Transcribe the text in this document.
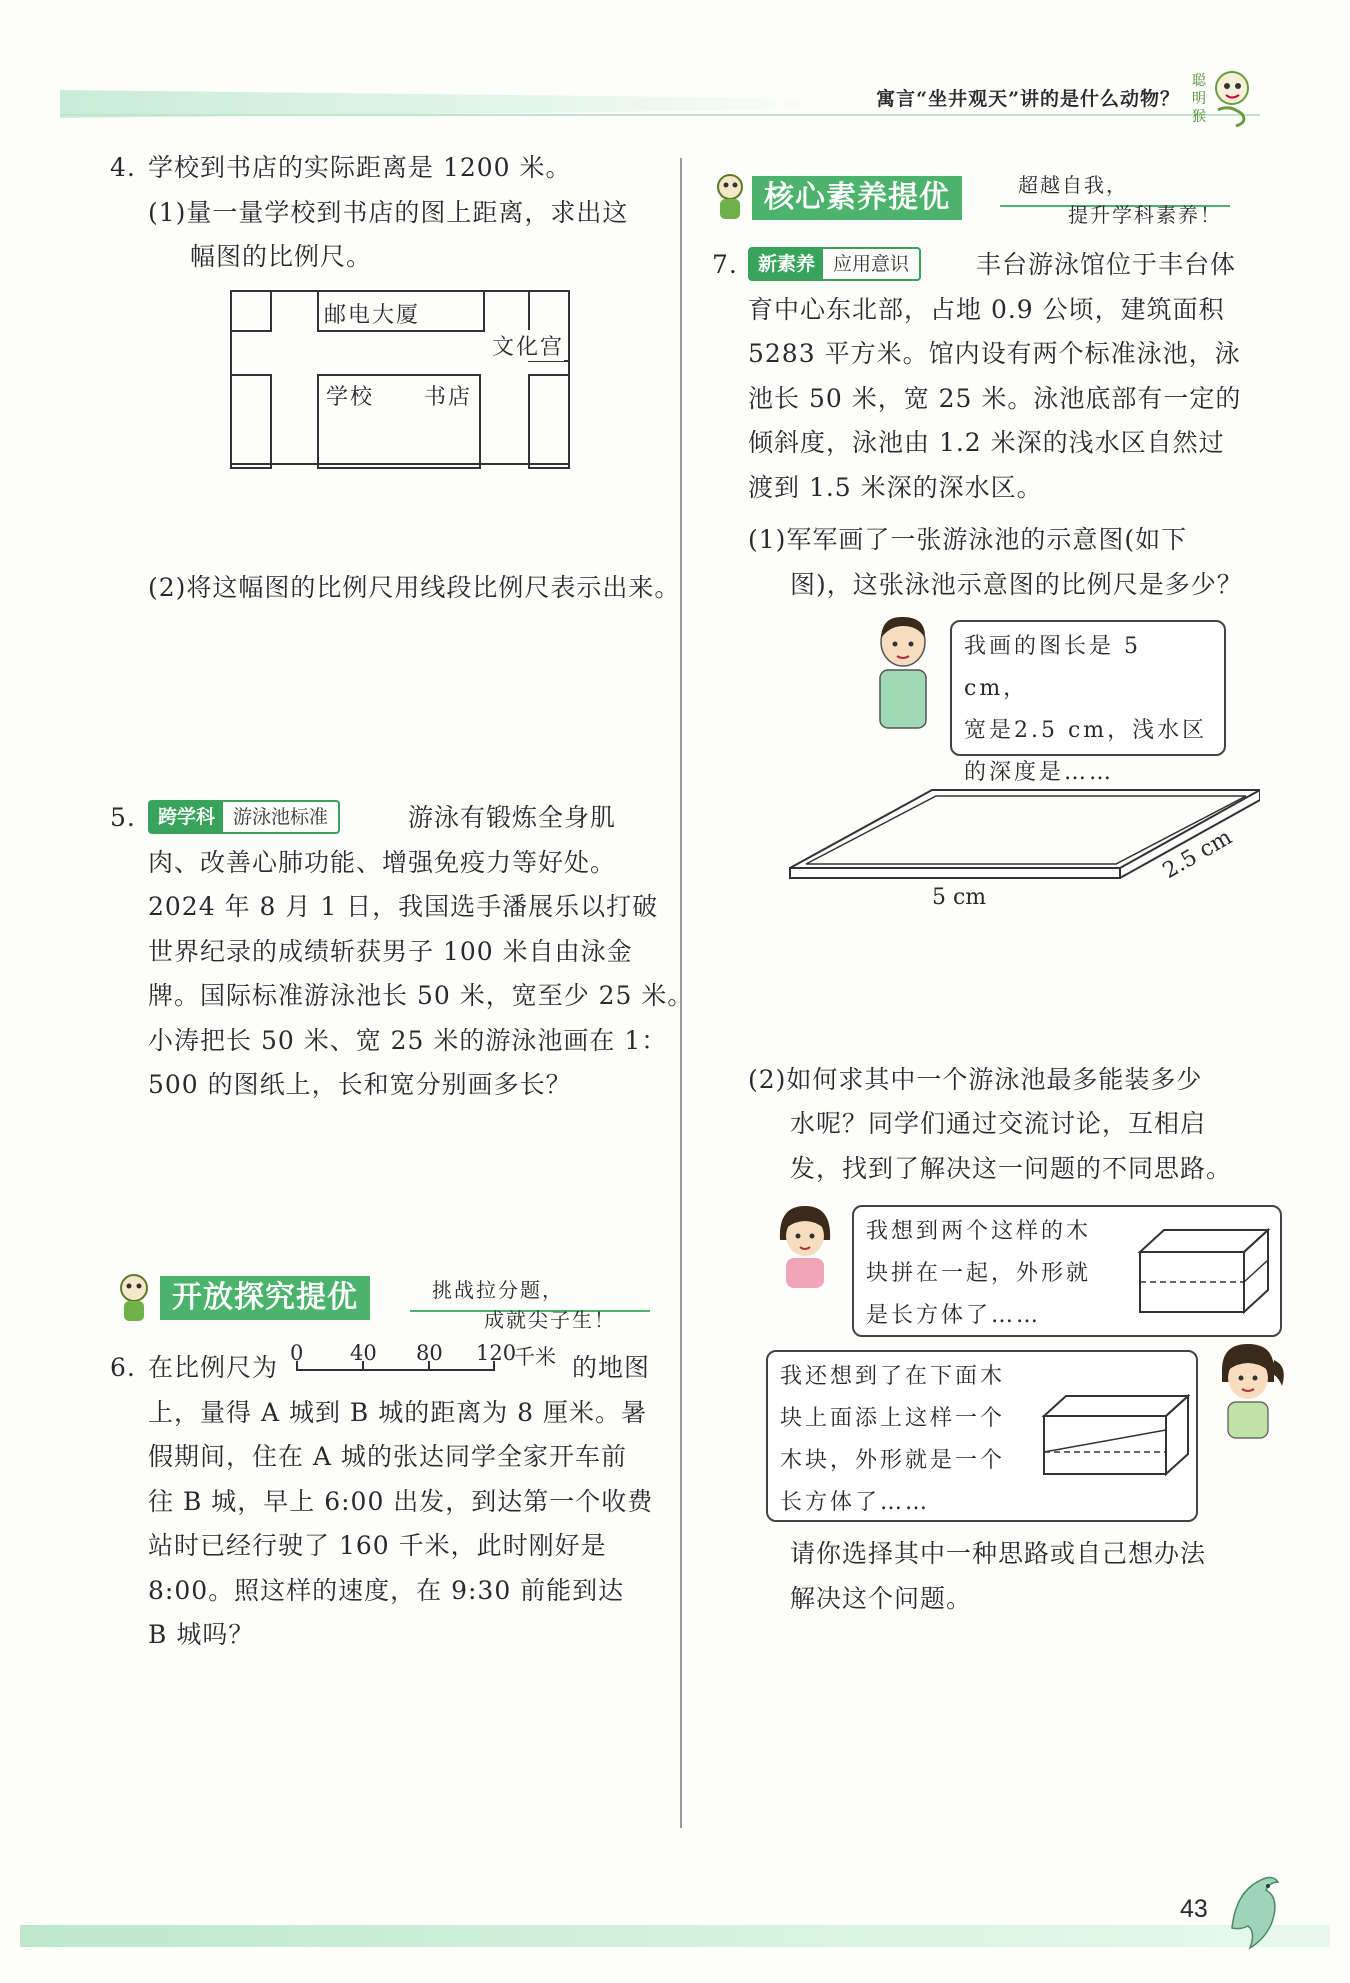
寓言“坐井观天”讲的是什么动物？
聪
明
猴
4. 学校到书店的实际距离是 1200 米。
(1)量一量学校到书店的图上距离，求出这
幅图的比例尺。
邮电大厦
文化宫
学校 书店
(2)将这幅图的比例尺用线段比例尺表示出来。
5.	跨学科 游泳池标准	游泳有锻炼全身肌
肉、改善心肺功能、增强免疫力等好处。
2024 年 8 月 1 日，我国选手潘展乐以打破
世界纪录的成绩斩获男子 100 米自由泳金
牌。国际标准游泳池长 50 米，宽至少 25 米。
小涛把长 50 米、宽 25 米的游泳池画在 1：
500 的图纸上，长和宽分别画多长？
开放探究提优	挑战拉分题，
成就尖子生！
6. 在比例尺为 0 40 80 120
千米 的地图
上，量得 A 城到 B 城的距离为 8 厘米。暑
假期间，住在 A 城的张达同学全家开车前
往 B 城，早上 6:00 出发，到达第一个收费
站时已经行驶了 160 千米，此时刚好是
8:00。照这样的速度，在 9:30 前能到达
B 城吗？
核心素养提优	超越自我，
提升学科素养！
7.	新素养 应用意识	丰台游泳馆位于丰台体
育中心东北部，占地 0.9 公顷，建筑面积
5283 平方米。馆内设有两个标准泳池，泳
池长 50 米，宽 25 米。泳池底部有一定的
倾斜度，泳池由 1.2 米深的浅水区自然过
渡到 1.5 米深的深水区。
(1)军军画了一张游泳池的示意图(如下
图)，这张泳池示意图的比例尺是多少？
我画的图长是 5 cm，
宽是2.5 cm，浅水区
的深度是……
5 cm
2.5 cm
(2)如何求其中一个游泳池最多能装多少
水呢？同学们通过交流讨论，互相启
发，找到了解决这一问题的不同思路。
我想到两个这样的木
块拼在一起，外形就
是长方体了……
我还想到了在下面木
块上面添上这样一个
木块，外形就是一个
长方体了……
请你选择其中一种思路或自己想办法
解决这个问题。
43
